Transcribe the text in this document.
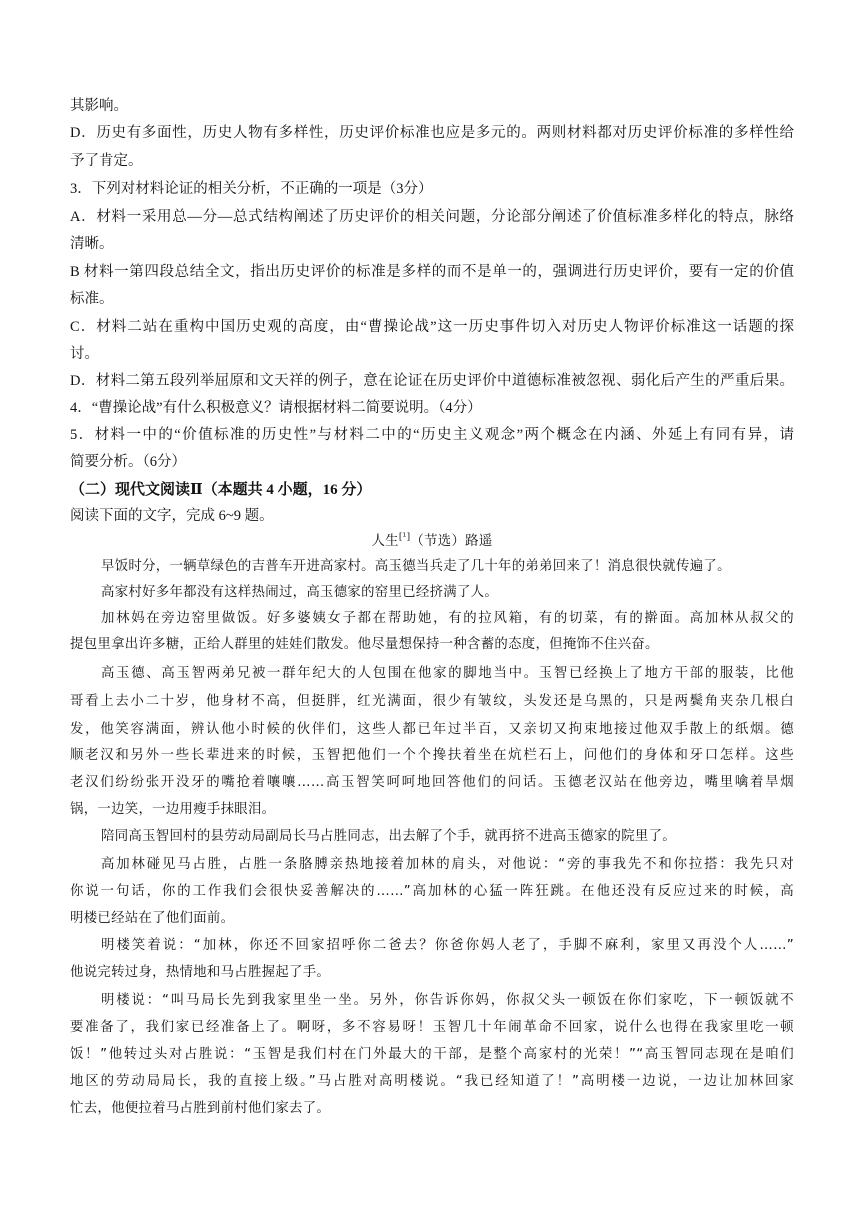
其影响。
D．历史有多面性，历史人物有多样性，历史评价标准也应是多元的。两则材料都对历史评价标准的多样性给
予了肯定。
3．下列对材料论证的相关分析，不正确的一项是（3分）
A．材料一采用总—分—总式结构阐述了历史评价的相关问题，分论部分阐述了价值标准多样化的特点，脉络
清晰。
B 材料一第四段总结全文，指出历史评价的标准是多样的而不是单一的，强调进行历史评价，要有一定的价值
标准。
C．材料二站在重构中国历史观的高度，由“曹操论战”这一历史事件切入对历史人物评价标准这一话题的探
讨。
D．材料二第五段列举屈原和文天祥的例子，意在论证在历史评价中道德标准被忽视、弱化后产生的严重后果。
4．“曹操论战”有什么积极意义？请根据材料二简要说明。（4分）
5．材料一中的“价值标准的历史性”与材料二中的“历史主义观念”两个概念在内涵、外延上有同有异，请
简要分析。（6分）
（二）现代文阅读Ⅱ（本题共 4 小题，16 分）
阅读下面的文字，完成 6~9 题。
人生[¹]（节选）路遥
早饭时分，一辆草绿色的吉普车开进高家村。高玉德当兵走了几十年的弟弟回来了！消息很快就传遍了。
高家村好多年都没有这样热闹过，高玉德家的窑里已经挤满了人。
加林妈在旁边窑里做饭。好多婆姨女子都在帮助她，有的拉风箱，有的切菜，有的擀面。高加林从叔父的
提包里拿出许多糖，正给人群里的娃娃们散发。他尽量想保持一种含蓄的态度，但掩饰不住兴奋。
高玉德、高玉智两弟兄被一群年纪大的人包围在他家的脚地当中。玉智已经换上了地方干部的服装，比他
哥看上去小二十岁，他身材不高，但挺胖，红光满面，很少有皱纹，头发还是乌黑的，只是两鬓角夹杂几根白
发，他笑容满面，辨认他小时候的伙伴们，这些人都已年过半百，又亲切又拘束地接过他双手散上的纸烟。德
顺老汉和另外一些长辈进来的时候，玉智把他们一个个搀扶着坐在炕栏石上，问他们的身体和牙口怎样。这些
老汉们纷纷张开没牙的嘴抢着嚷嚷……高玉智笑呵呵地回答他们的问话。玉德老汉站在他旁边，嘴里噙着旱烟
锅，一边笑，一边用瘦手抹眼泪。
陪同高玉智回村的县劳动局副局长马占胜同志，出去解了个手，就再挤不进高玉德家的院里了。
高加林碰见马占胜，占胜一条胳膊亲热地接着加林的肩头，对他说：“旁的事我先不和你拉搭：我先只对
你说一句话，你的工作我们会很快妥善解决的……”高加林的心猛一阵狂跳。在他还没有反应过来的时候，高
明楼已经站在了他们面前。
明楼笑着说：“加林，你还不回家招呼你二爸去？你爸你妈人老了，手脚不麻利，家里又再没个人……”
他说完转过身，热情地和马占胜握起了手。
明楼说：“叫马局长先到我家里坐一坐。另外，你告诉你妈，你叔父头一顿饭在你们家吃，下一顿饭就不
要准备了，我们家已经准备上了。啊呀，多不容易呀！玉智几十年闹革命不回家，说什么也得在我家里吃一顿
饭！”他转过头对占胜说：“玉智是我们村在门外最大的干部，是整个高家村的光荣！”“高玉智同志现在是咱们
地区的劳动局局长，我的直接上级。”马占胜对高明楼说。“我已经知道了！”高明楼一边说，一边让加林回家
忙去，他便拉着马占胜到前村他们家去了。
